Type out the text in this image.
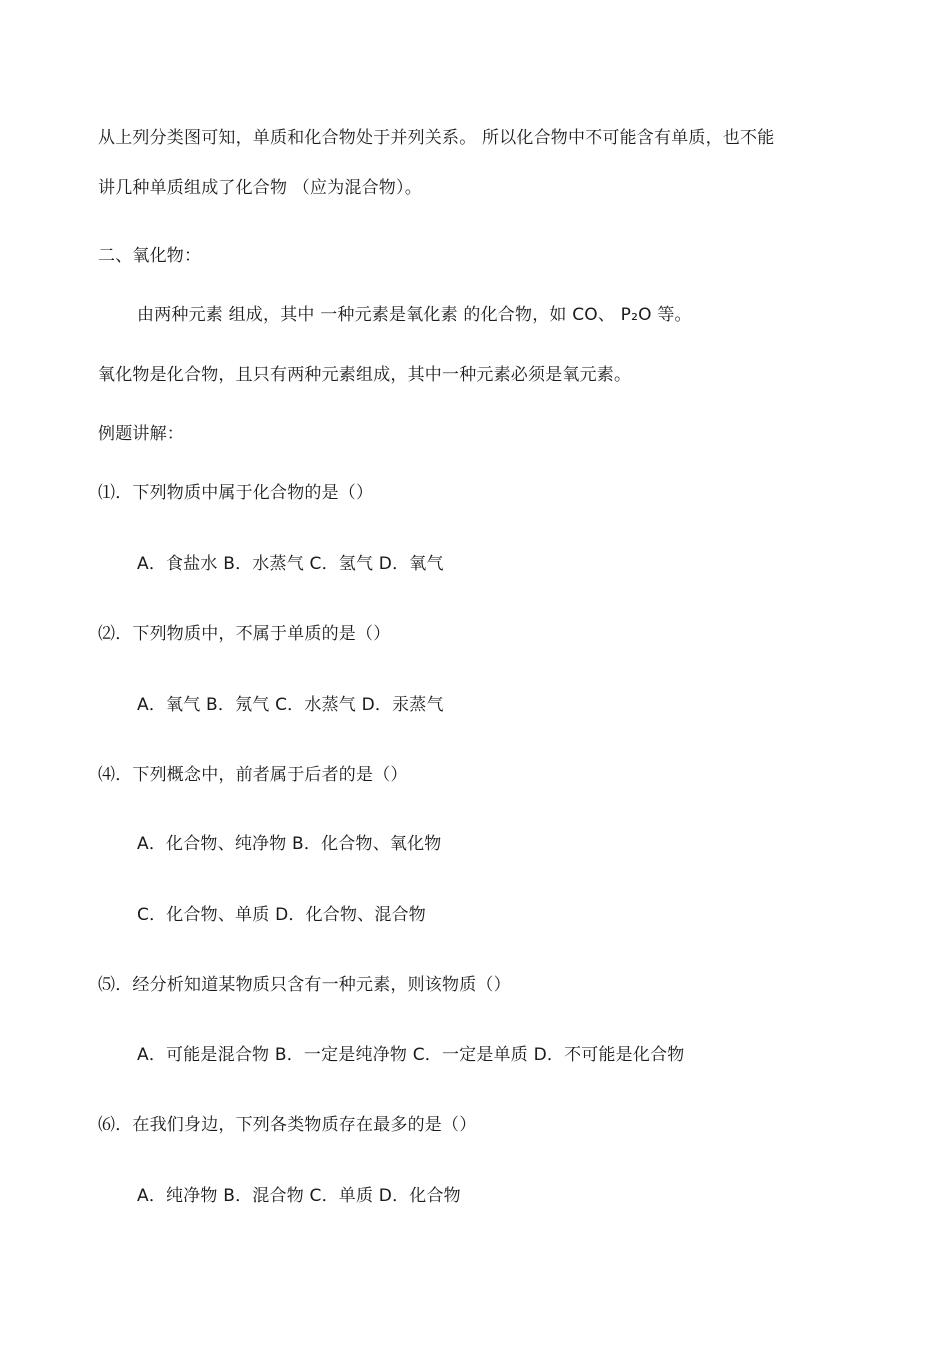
从上列分类图可知，单质和化合物处于并列关系。 所以化合物中不可能含有单质，也不能
讲几种单质组成了化合物 （应为混合物）。
二、氧化物：
由两种元素 组成，其中 一种元素是氧化素 的化合物，如 CO、 P₂O 等。
氧化物是化合物，且只有两种元素组成，其中一种元素必须是氧元素。
例题讲解：
⑴．下列物质中属于化合物的是（）
A．食盐水 B．水蒸气 C．氢气 D．氧气
⑵．下列物质中，不属于单质的是（）
A．氧气 B．氖气 C．水蒸气 D．汞蒸气
⑷．下列概念中，前者属于后者的是（）
A．化合物、纯净物 B．化合物、氧化物
C．化合物、单质 D．化合物、混合物
⑸．经分析知道某物质只含有一种元素，则该物质（）
A．可能是混合物 B．一定是纯净物 C．一定是单质 D．不可能是化合物
⑹．在我们身边，下列各类物质存在最多的是（）
A．纯净物 B．混合物 C．单质 D．化合物
